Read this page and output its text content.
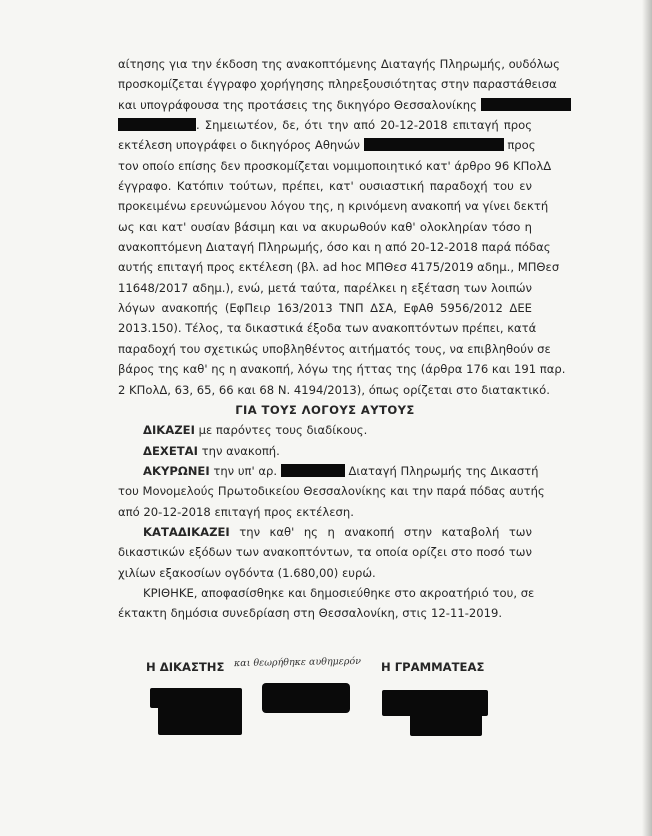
αίτησης για την έκδοση της ανακοπτόμενης Διαταγής Πληρωμής, ουδόλως
προσκομίζεται έγγραφο χορήγησης πληρεξουσιότητας στην παραστάθεισα
και υπογράφουσα της προτάσεις της δικηγόρο Θεσσαλονίκης
. Σημειωτέον, δε, ότι την από 20-12-2018 επιταγή προς
εκτέλεση υπογράφει ο δικηγόρος Αθηνών	προς
τον οποίο επίσης δεν προσκομίζεται νομιμοποιητικό κατ' άρθρο 96 ΚΠολΔ
έγγραφο. Κατόπιν τούτων, πρέπει, κατ' ουσιαστική παραδοχή του εν
προκειμένω ερευνώμενου λόγου της, η κρινόμενη ανακοπή να γίνει δεκτή
ως και κατ' ουσίαν βάσιμη και να ακυρωθούν καθ' ολοκληρίαν τόσο η
ανακοπτόμενη Διαταγή Πληρωμής, όσο και η από 20-12-2018 παρά πόδας
αυτής επιταγή προς εκτέλεση (βλ. ad hoc ΜΠΘεσ 4175/2019 αδημ., ΜΠΘεσ
11648/2017 αδημ.), ενώ, μετά ταύτα, παρέλκει η εξέταση των λοιπών
λόγων ανακοπής (ΕφΠειρ 163/2013 ΤΝΠ ΔΣΑ, ΕφΑθ 5956/2012 ΔΕΕ
2013.150). Τέλος, τα δικαστικά έξοδα των ανακοπτόντων πρέπει, κατά
παραδοχή του σχετικώς υποβληθέντος αιτήματός τους, να επιβληθούν σε
βάρος της καθ' ης η ανακοπή, λόγω της ήττας της (άρθρα 176 και 191 παρ.
2 ΚΠολΔ, 63, 65, 66 και 68 Ν. 4194/2013), όπως ορίζεται στο διατακτικό.
ΓΙΑ ΤΟΥΣ ΛΟΓΟΥΣ ΑΥΤΟΥΣ
ΔΙΚΑΖΕΙ με παρόντες τους διαδίκους.
ΔΕΧΕΤΑΙ την ανακοπή.
ΑΚΥΡΩΝΕΙ την υπ' αρ.	Διαταγή Πληρωμής της Δικαστή
του Μονομελούς Πρωτοδικείου Θεσσαλονίκης και την παρά πόδας αυτής
από 20-12-2018 επιταγή προς εκτέλεση.
ΚΑΤΑΔΙΚΑΖΕΙ την καθ' ης η ανακοπή στην καταβολή των
δικαστικών εξόδων των ανακοπτόντων, τα οποία ορίζει στο ποσό των
χιλίων εξακοσίων ογδόντα (1.680,00) ευρώ.
ΚΡΙΘΗΚΕ, αποφασίσθηκε και δημοσιεύθηκε στο ακροατήριό του, σε
έκτακτη δημόσια συνεδρίαση στη Θεσσαλονίκη, στις 12-11-2019.
Η ΔΙΚΑΣΤΗΣ και θεωρήθηκε αυθημερόν Η ΓΡΑΜΜΑΤΕΑΣ
